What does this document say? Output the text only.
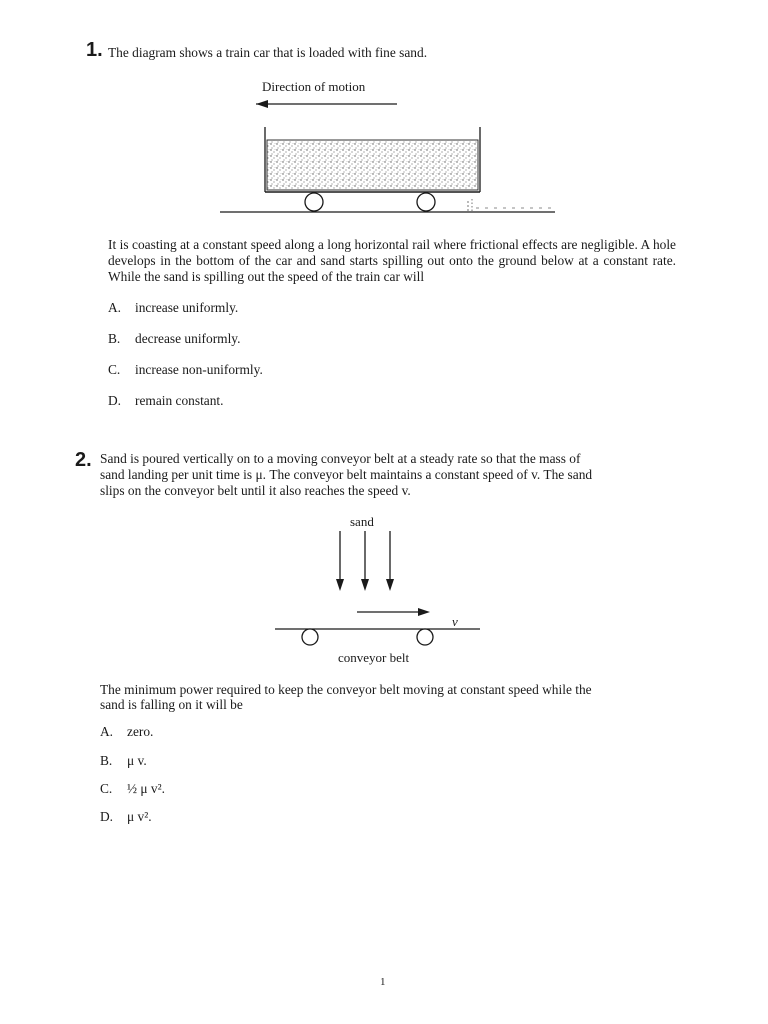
1. The diagram shows a train car that is loaded with fine sand.
Direction of motion
It is coasting at a constant speed along a long horizontal rail where frictional effects are negligible. A hole develops in the bottom of the car and sand starts spilling out onto the ground below at a constant rate. While the sand is spilling out the speed of the train car will
A. increase uniformly.
B. decrease uniformly.
C. increase non-uniformly.
D. remain constant.
2. Sand is poured vertically on to a moving conveyor belt at a steady rate so that the mass of
sand landing per unit time is μ. The conveyor belt maintains a constant speed of v. The sand
slips on the conveyor belt until it also reaches the speed v.
sand
v
conveyor belt
The minimum power required to keep the conveyor belt moving at constant speed while the
sand is falling on it will be
A. zero.
B. μ v.
C. ½ μ v².
D. μ v².
1
